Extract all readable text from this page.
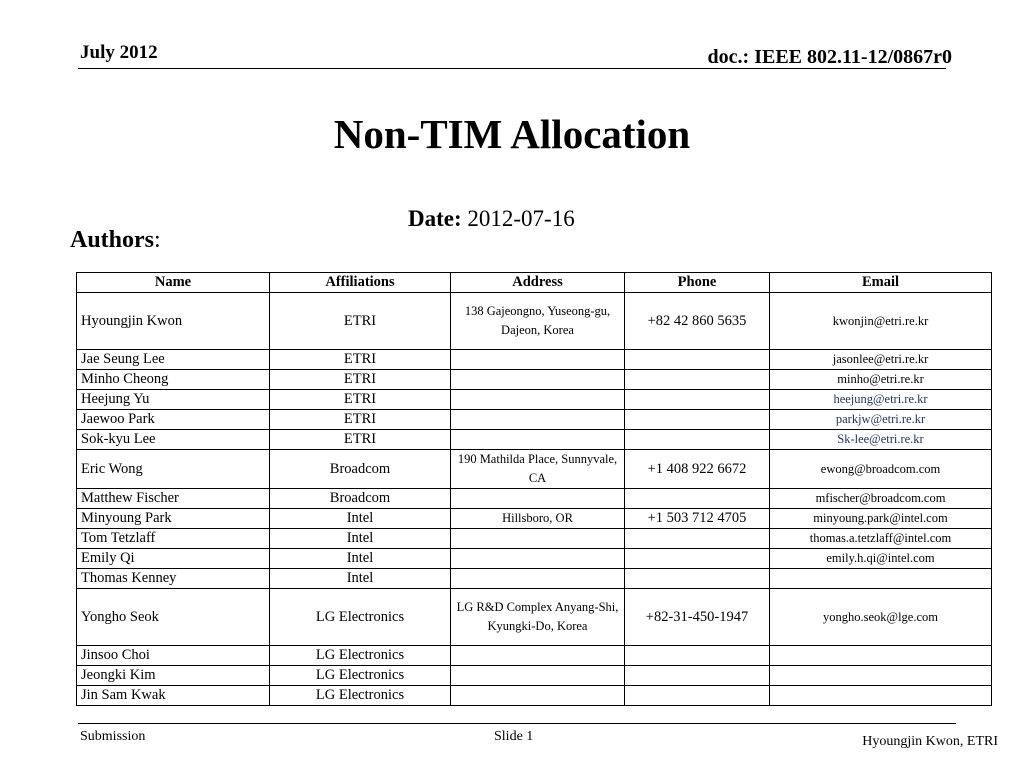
July 2012	doc.: IEEE 802.11-12/0867r0
Non-TIM Allocation
Date: 2012-07-16
Authors:
Name	Affiliations	Address	Phone	Email
Hyoungjin Kwon	ETRI	138 Gajeongno, Yuseong-gu, Dajeon, Korea	+82 42 860 5635	kwonjin@etri.re.kr
Jae Seung Lee	ETRI			jasonlee@etri.re.kr
Minho Cheong	ETRI			minho@etri.re.kr
Heejung Yu	ETRI			heejung@etri.re.kr
Jaewoo Park	ETRI			parkjw@etri.re.kr
Sok-kyu Lee	ETRI			Sk-lee@etri.re.kr
Eric Wong	Broadcom	190 Mathilda Place, Sunnyvale, CA	+1 408 922 6672	ewong@broadcom.com
Matthew Fischer	Broadcom			mfischer@broadcom.com
Minyoung Park	Intel	Hillsboro, OR	+1 503 712 4705	minyoung.park@intel.com
Tom Tetzlaff	Intel			thomas.a.tetzlaff@intel.com
Emily Qi	Intel			emily.h.qi@intel.com
Thomas Kenney	Intel			
Yongho Seok	LG Electronics	LG R&D Complex Anyang-Shi, Kyungki-Do, Korea	+82-31-450-1947	yongho.seok@lge.com
Jinsoo Choi	LG Electronics			
Jeongki Kim	LG Electronics			
Jin Sam Kwak	LG Electronics			
Submission	Slide 1	Hyoungjin Kwon, ETRI
